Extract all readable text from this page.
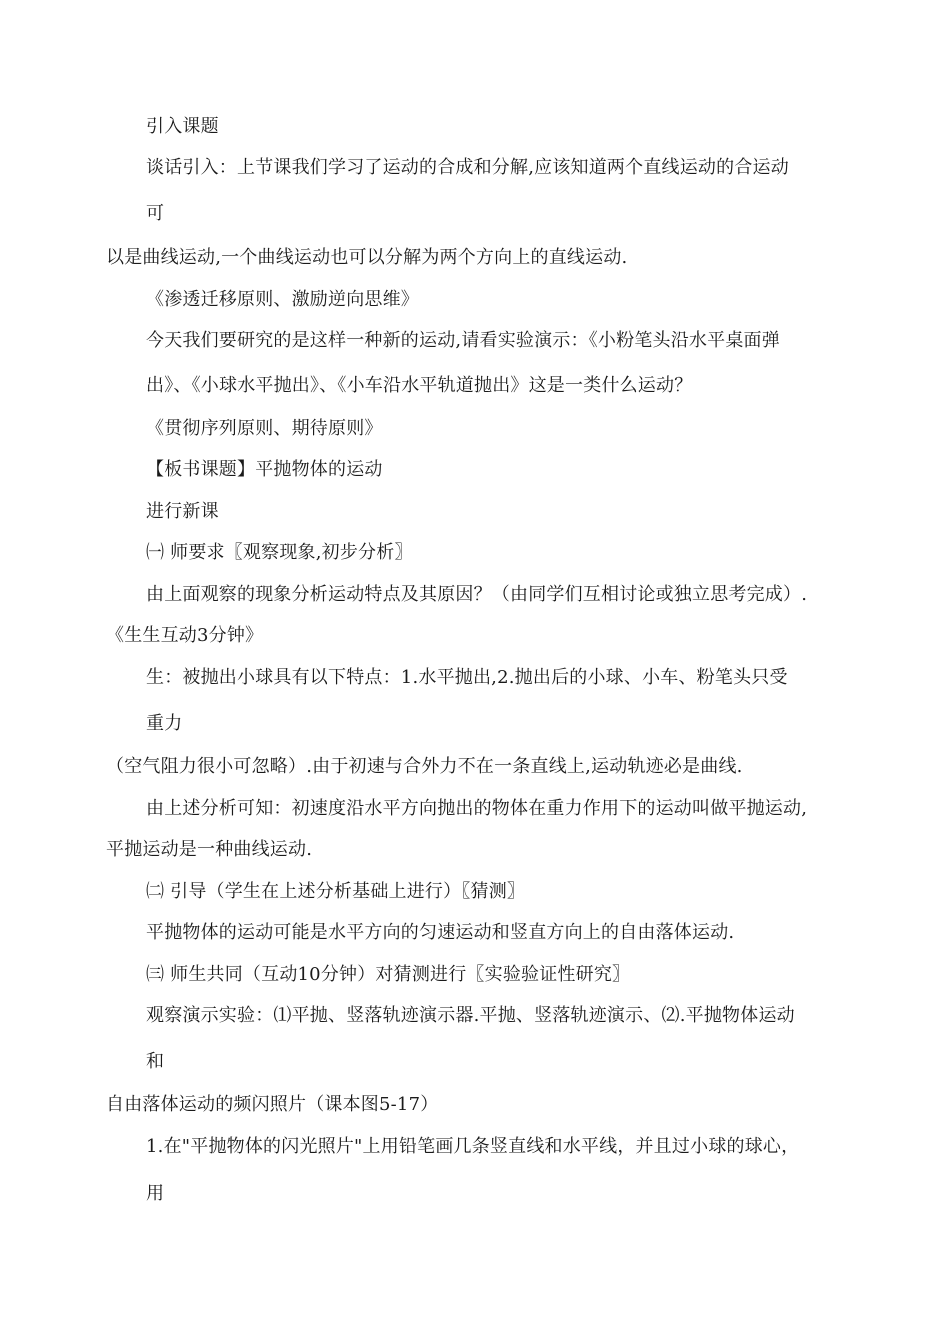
引入课题
谈话引入：上节课我们学习了运动的合成和分解,应该知道两个直线运动的合运动
可
以是曲线运动,一个曲线运动也可以分解为两个方向上的直线运动.
《渗透迁移原则、激励逆向思维》
今天我们要研究的是这样一种新的运动,请看实验演示：《小粉笔头沿水平桌面弹
出》、《小球水平抛出》、《小车沿水平轨道抛出》这是一类什么运动？
《贯彻序列原则、期待原则》
【板书课题】平抛物体的运动
进行新课
㈠ 师要求〖观察现象,初步分析〗
由上面观察的现象分析运动特点及其原因？（由同学们互相讨论或独立思考完成）.
《生生互动3分钟》
生：被抛出小球具有以下特点：1.水平抛出,2.抛出后的小球、小车、粉笔头只受
重力
（空气阻力很小可忽略）.由于初速与合外力不在一条直线上,运动轨迹必是曲线.
由上述分析可知：初速度沿水平方向抛出的物体在重力作用下的运动叫做平抛运动,
平抛运动是一种曲线运动.
㈡ 引导（学生在上述分析基础上进行）〖猜测〗
平抛物体的运动可能是水平方向的匀速运动和竖直方向上的自由落体运动.
㈢ 师生共同（互动10分钟）对猜测进行〖实验验证性研究〗
观察演示实验：⑴平抛、竖落轨迹演示器.平抛、竖落轨迹演示、⑵.平抛物体运动
和
自由落体运动的频闪照片（课本图5-17）
1.在"平抛物体的闪光照片"上用铅笔画几条竖直线和水平线，并且过小球的球心，
用
